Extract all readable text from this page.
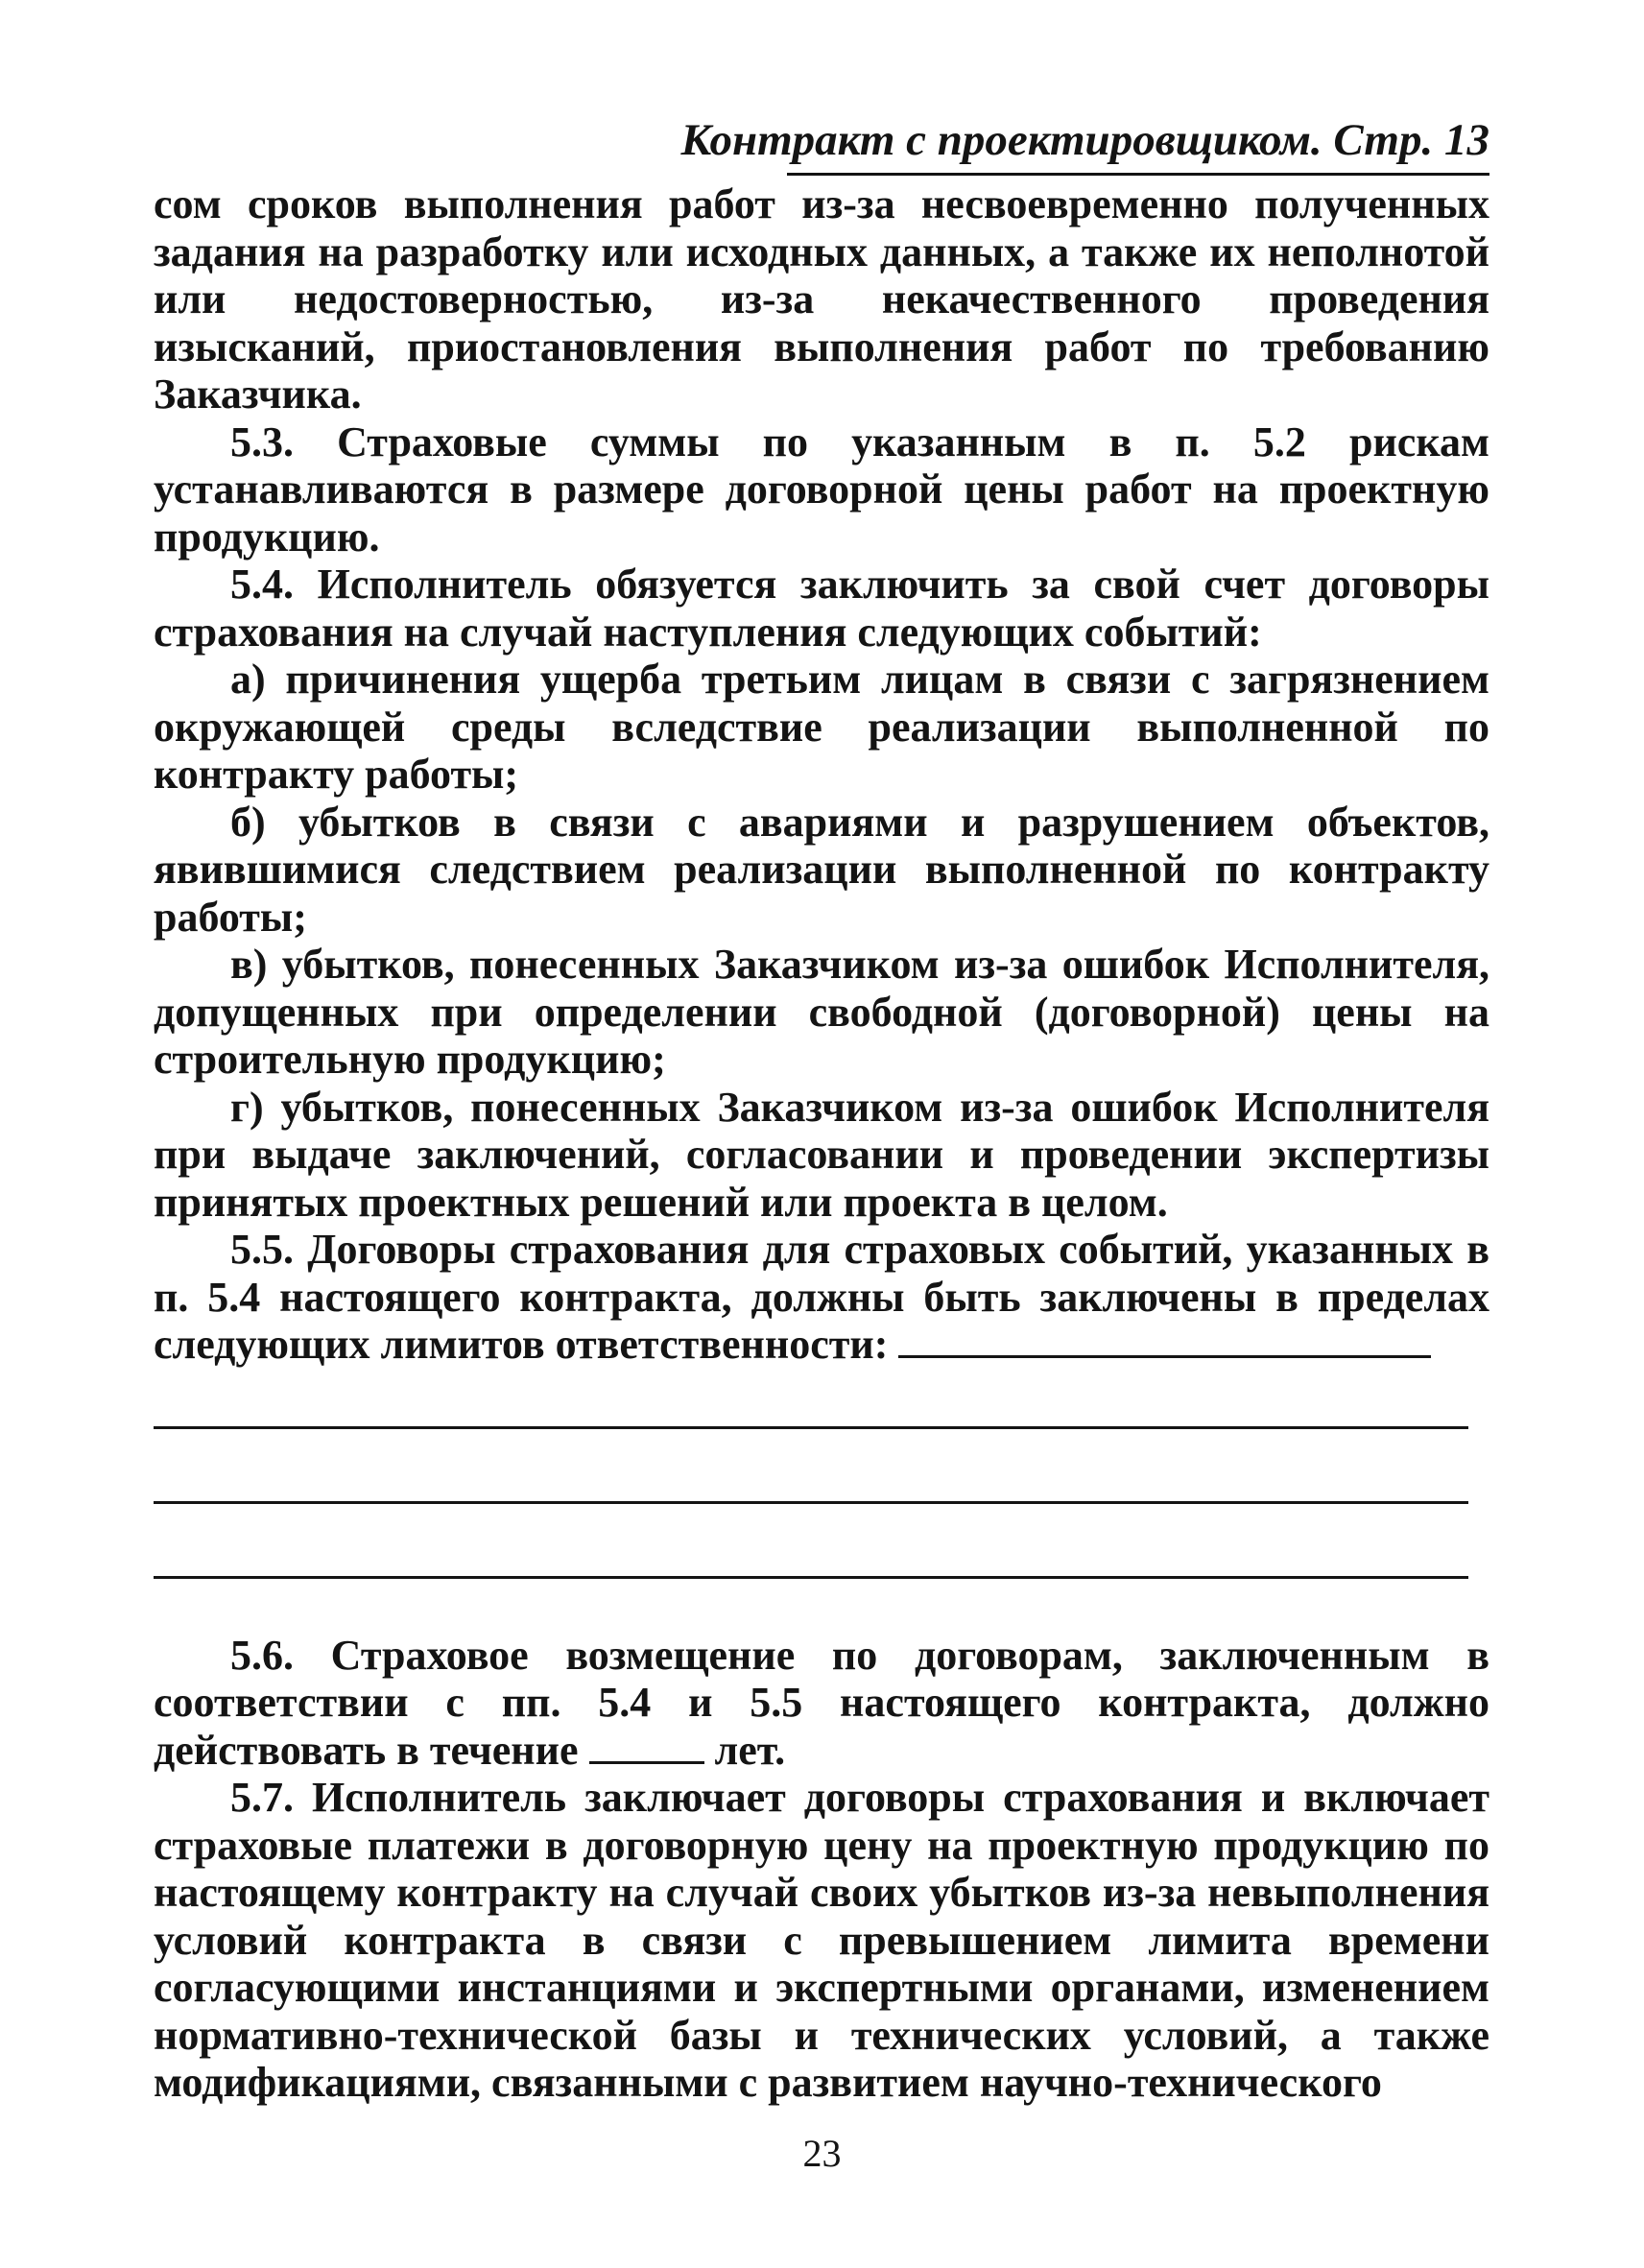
Контракт с проектировщиком. Стр. 13

сом сроков выполнения работ из-за несвоевременно полученных задания на разработку или исходных данных, а также их неполнотой или недостоверностью, из-за некачественного проведения изысканий, приостановления выполнения работ по требованию Заказчика.

5.3. Страховые суммы по указанным в п. 5.2 рискам устанавливаются в размере договорной цены работ на проектную продукцию.

5.4. Исполнитель обязуется заключить за свой счет договоры страхования на случай наступления следующих событий:

а) причинения ущерба третьим лицам в связи с загрязнением окружающей среды вследствие реализации выполненной по контракту работы;

б) убытков в связи с авариями и разрушением объектов, явившимися следствием реализации выполненной по контракту работы;

в) убытков, понесенных Заказчиком из-за ошибок Исполнителя, допущенных при определении свободной (договорной) цены на строительную продукцию;

г) убытков, понесенных Заказчиком из-за ошибок Исполнителя при выдаче заключений, согласовании и проведении экспертизы принятых проектных решений или проекта в целом.

5.5. Договоры страхования для страховых событий, указанных в п. 5.4 настоящего контракта, должны быть заключены в пределах следующих лимитов ответственности:

5.6. Страховое возмещение по договорам, заключенным в соответствии с пп. 5.4 и 5.5 настоящего контракта, должно действовать в течение	лет.

5.7. Исполнитель заключает договоры страхования и включает страховые платежи в договорную цену на проектную продукцию по настоящему контракту на случай своих убытков из-за невыполнения условий контракта в связи с превышением лимита времени согласующими инстанциями и экспертными органами, изменением нормативно-технической базы и технических условий, а также модификациями, связанными с развитием научно-технического

23
